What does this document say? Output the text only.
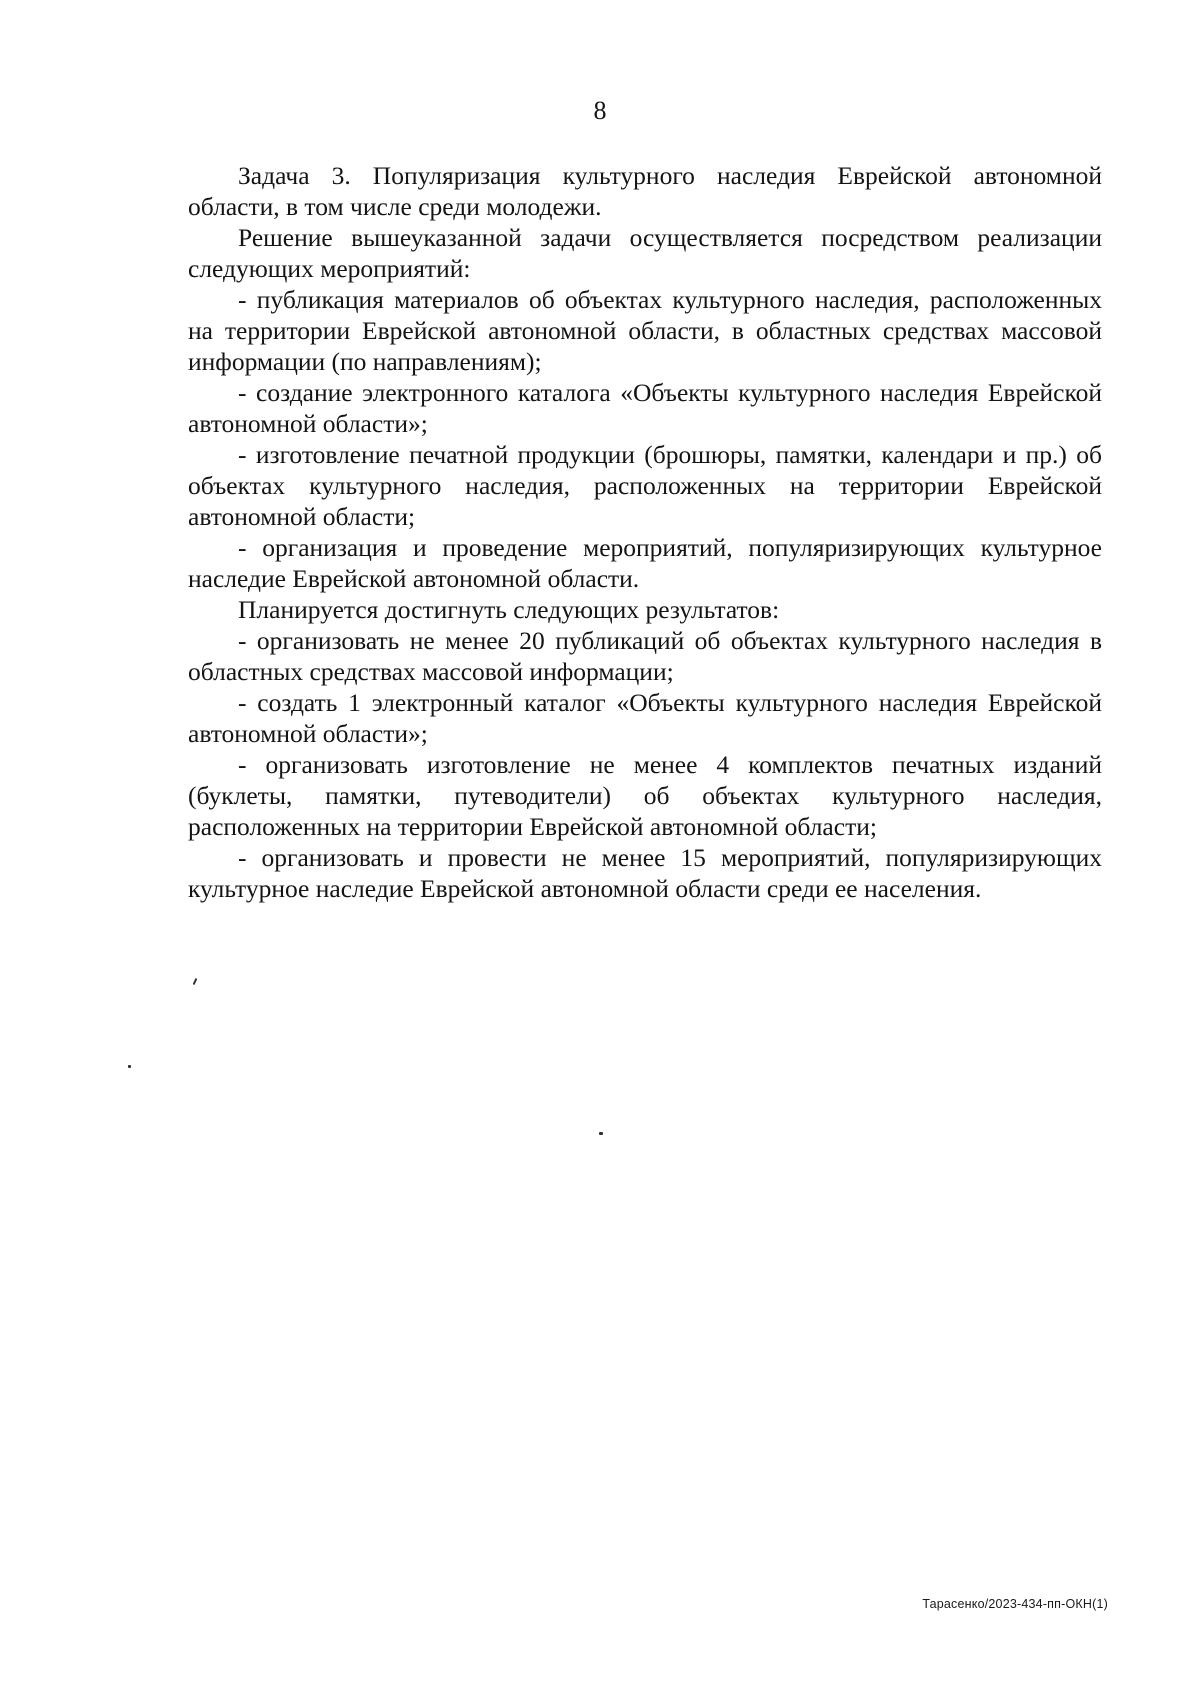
8

Задача 3. Популяризация культурного наследия Еврейской автономной области, в том числе среди молодежи.

Решение вышеуказанной задачи осуществляется посредством реализации следующих мероприятий:

- публикация материалов об объектах культурного наследия, расположенных на территории Еврейской автономной области, в областных средствах массовой информации (по направлениям);

- создание электронного каталога «Объекты культурного наследия Еврейской автономной области»;

- изготовление печатной продукции (брошюры, памятки, календари и пр.) об объектах культурного наследия, расположенных на территории Еврейской автономной области;

- организация и проведение мероприятий, популяризирующих культурное наследие Еврейской автономной области.

Планируется достигнуть следующих результатов:

- организовать не менее 20 публикаций об объектах культурного наследия в областных средствах массовой информации;

- создать 1 электронный каталог «Объекты культурного наследия Еврейской автономной области»;

- организовать изготовление не менее 4 комплектов печатных изданий (буклеты, памятки, путеводители) об объектах культурного наследия, расположенных на территории Еврейской автономной области;

- организовать и провести не менее 15 мероприятий, популяризирующих культурное наследие Еврейской автономной области среди ее населения.

Тарасенко/2023-434-пп-ОКН(1)
